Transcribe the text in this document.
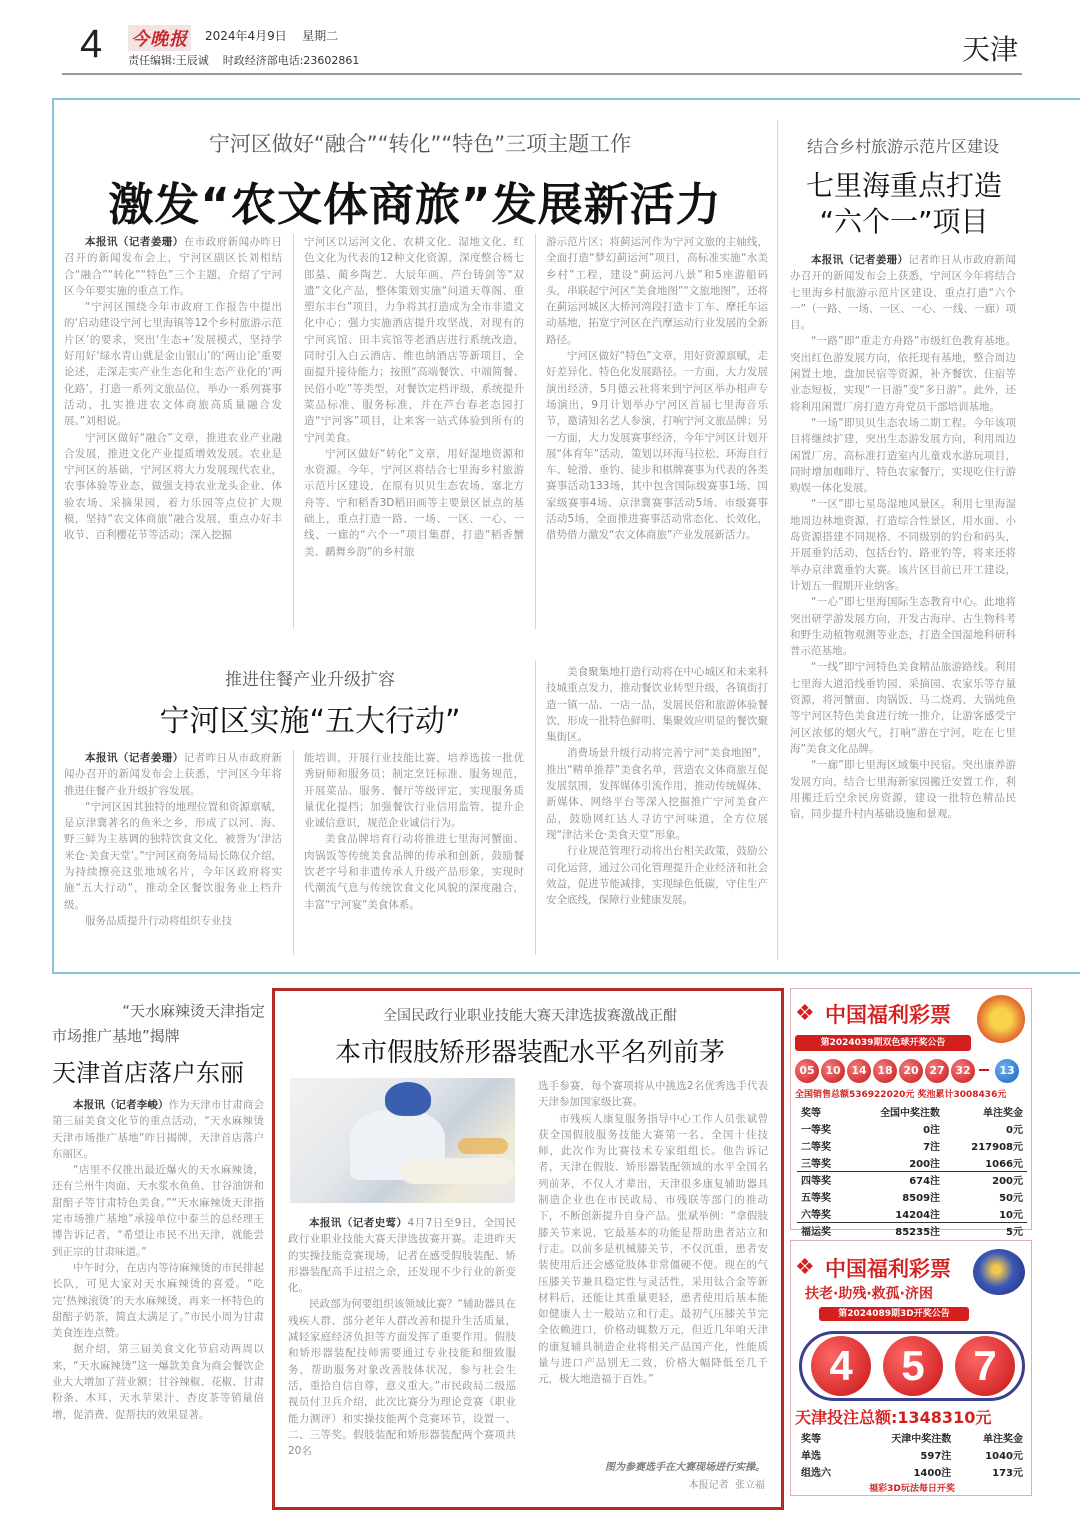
4 今晚报 2024年4月9日 星期二
责任编辑:王辰诚 时政经济部电话:23602861	天津
宁河区做好“融合”“转化”“特色”三项主题工作
激发“农文体商旅”发展新活力

本报讯（记者姜珊）在市政府新闻办昨日召开的新闻发布会上，宁河区副区长刘相结合“融合”“转化”“特色”三个主题，介绍了宁河区今年要实施的重点工作。

“宁河区围绕今年市政府工作报告中提出的‘启动建设宁河七里海镇等12个乡村旅游示范片区’的要求，突出‘生态+’发展模式，坚持学好用好‘绿水青山就是金山银山’的‘两山论’重要论述，走深走实产业生态化和生态产业化的‘两化路’，打造一系列文旅品位，举办一系列赛事活动，扎实推进农文体商旅高质量融合发展。”刘相说。

宁河区做好“融合”文章，推进农业产业融合发展，推进文化产业提质增效发展。农业是宁河区的基础，宁河区将大力发展现代农业，农事体验等业态，做强支持农业龙头企业、体验农场、采摘果园，着力乐园等点位扩大规模，坚持“农文体商旅”融合发展，重点办好丰收节、百利樱花节等活动；深入挖掘

宁河区以运河文化、农耕文化、湿地文化、红色文化为代表的12种文化资源，深度整合杨七郎墓、蔺乡陶艺、大辰年画、芦台铸剑等“双遗”文化产品，整体策划实施“问道天尊阁、重塑东丰台”项目，力争将其打造成为全市非遗文化中心；强力实施酒店提升攻坚战，对现有的宁河宾馆、田丰宾馆等老酒店进行系统改造，同时引入白云酒店、维也纳酒店等新项目，全面提升接待能力；按照“高端餐饮、中端简餐、民俗小吃”等类型，对餐饮定档评级，系统提升菜品标准、服务标准，并在芦台春老态园打造“宁河客”项目，让来客一站式体验到所有的宁河美食。

宁河区做好“转化”文章，用好湿地资源和水资源。今年，宁河区将结合七里海乡村旅游示范片区建设，在原有贝贝生态农场、塞北方舟等、宁和稻香3D稻田画等主要景区景点的基础上，重点打造一路、一场、一区、一心、一线、一廊的“六个一”项目集群，打造“稻香蟹美、鹬舞乡韵”的乡村旅

游示范片区；将蓟运河作为宁河文旅的主轴线，全面打造“梦幻蓟运河”项目，高标准实施“水美乡村”工程，建设“蓟运河八景”和5座游船码头，串联起宁河区“美食地图”“文旅地图”，还将在蓟运河城区大桥河湾段打造卡丁车、摩托车运动基地，拓宽宁河区在汽摩运动行业发展的全新路径。

宁河区做好“特色”文章，用好资源禀赋，走好差异化、特色化发展路径。一方面，大力发展演出经济，5月德云社将来到宁河区举办相声专场演出，9月计划举办宁河区首届七里海音乐节，邀请知名艺人参演，打响宁河文旅品牌；另一方面，大力发展赛事经济，今年宁河区计划开展“体育年”活动，策划以环海马拉松、环海自行车、轮滑、垂钓、徒步和棋牌赛事为代表的各类赛事活动133场，其中包含国际级赛事1场、国家级赛事4场、京津冀赛事活动5场、市级赛事活动5场，全面推进赛事活动常态化、长效化，借势借力激发“农文体商旅”产业发展新活力。

结合乡村旅游示范片区建设
七里海重点打造
“六个一”项目

本报讯（记者姜珊）记者昨日从市政府新闻办召开的新闻发布会上获悉，宁河区今年将结合七里海乡村旅游示范片区建设，重点打造“六个一”（一路、一场、一区、一心、一线、一廊）项目。

“一路”即“重走方舟路”市级红色教育基地。突出红色游发展方向，依托现有基地，整合周边闲置土地，盘加民宿等资源，补齐餐饮、住宿等业态短板，实现“一日游”变“多日游”。此外，还将利用闲置厂房打造方舟党员干部培训基地。

“一场”即贝贝生态农场二期工程。今年该项目将继续扩建，突出生态游发展方向，利用周边闲置厂房，高标准打造室内儿童戏水游玩项目，同时增加咖啡厅、特色农家餐厅，实现吃住行游购娱一体化发展。

“一区”即七星岛湿地风景区。利用七里海湿地周边林地资源，打造综合性景区，用水面、小岛资源搭建不同规格、不同级别的钓台和码头，开展垂钓活动，包括台钓、路亚钓等，将来还将举办京津冀垂钓大赛。该片区目前已开工建设，计划五一假期开业纳客。

“一心”即七里海国际生态教育中心。此地将突出研学游发展方向，开发古海岸、古生物科考和野生动植物观测等业态，打造全国湿地科研科普示范基地。

“一线”即宁河特色美食精品旅游路线。利用七里海大道沿线垂钓园、采摘园、农家乐等存量资源，将河蟹面、肉锅饭、马二烧鸡、大锅炖鱼等宁河区特色美食进行统一推介，让游客感受宁河区浓郁的烟火气，打响“游在宁河，吃在七里海”美食文化品牌。

“一廊”即七里海区域集中民宿。突出康养游发展方向，结合七里海新家园搬迁安置工作，利用搬迁后空余民房资源，建设一批特色精品民宿，同步提升村内基础设施和景观。

推进住餐产业升级扩容
宁河区实施“五大行动”

本报讯（记者姜珊）记者昨日从市政府新闻办召开的新闻发布会上获悉，宁河区今年将推进住餐产业升级扩容发展。

“宁河区因其独特的地理位置和资源禀赋，是京津冀著名的鱼米之乡，形成了以河、海、野三鲜为主基调的独特饮食文化，被誉为‘津沽米仓·美食天堂’。”宁河区商务局局长陈仅介绍，为持续擦亮这张地域名片，今年区政府将实施“五大行动”，推动全区餐饮服务业上档升级。

服务品质提升行动将组织专业技

能培训，开展行业技能比赛，培养选拔一批优秀厨师和服务员；制定烹饪标准、服务规范，开展菜品、服务、餐厅等级评定，实现服务质量优化提档；加强餐饮行业信用监管，提升企业诚信意识，规范企业诚信行为。

美食品牌培育行动将推进七里海河蟹面、肉锅饭等传统美食品牌的传承和创新，鼓励餐饮老字号和非遗传承人升级产品形象，实现时代潮流气息与传统饮食文化风貌的深度融合，丰富“宁河宴”美食体系。

美食聚集地打造行动将在中心城区和未来科技城重点发力，推动餐饮业转型升级，各镇街打造一镇一品、一店一品，发展民俗和旅游体验餐饮，形成一批特色鲜明、集聚效应明显的餐饮聚集街区。

消费场景升级行动将完善宁河“美食地图”，推出“精单推荐”美食名单，营造农文体商旅互促发展氛围，发挥媒体引流作用，推动传统媒体、新媒体、网络平台等深入挖掘推广宁河美食产品，鼓励网红达人寻访宁河味道，全方位展现“津沽米仓·美食天堂”形象。

行业规范管理行动将出台相关政策，鼓励公司化运营，通过公司化管理提升企业经济和社会效益，促进节能减排，实现绿色低碳，守住生产安全底线，保障行业健康发展。

“天水麻辣烫天津指定
市场推广基地”揭牌
天津首店落户东丽

本报讯（记者李峻）作为天津市甘肃商会第三届美食文化节的重点活动，“天水麻辣烫天津市场推广基地”昨日揭牌，天津首店落户东丽区。

“店里不仅推出最近爆火的天水麻辣烫，还有兰州牛肉面、天水浆水鱼鱼、甘谷油饼和甜醅子等甘肃特色美食。”“天水麻辣烫天津指定市场推广基地”承接单位中泰兰的总经理王博告诉记者，“希望让市民不出天津，就能尝到正宗的甘肃味道。”

中午时分，在店内等待麻辣烫的市民排起长队，可见大家对天水麻辣烫的喜爱。“吃完‘热辣滚烫’的天水麻辣烫，再来一杯特色的甜醅子奶茶，简直太满足了。”市民小周为甘肃美食连连点赞。

据介绍，第三届美食文化节启动两周以来，“天水麻辣烫”这一爆款美食为商会餐饮企业大大增加了营业额；甘谷辣椒、花椒、甘肃粉条、木耳、天水苹果汁、杏皮茶等销量倍增，促消费、促帮扶的效果显著。

全国民政行业职业技能大赛天津选拔赛激战正酣
本市假肢矫形器装配水平名列前茅

本报讯（记者史莺）4月7日至9日，全国民政行业职业技能大赛天津选拔赛开赛。走进昨天的实操技能竞赛现场，记者在感受假肢装配、矫形器装配高手过招之余，还发现不少行业的新变化。

民政部为何要组织该领域比赛？“辅助器具在残疾人群、部分老年人群改善和提升生活质量，减轻家庭经济负担等方面发挥了重要作用。假肢和矫形器装配技师需要通过专业技能和细致服务，帮助服务对象改善肢体状况，参与社会生活，重拾自信自尊，意义重大。”市民政局二级巡视员付卫兵介绍，此次比赛分为理论竞赛（职业能力测评）和实操技能两个竞赛环节，设置一、二、三等奖。假肢装配和矫形器装配两个赛项共20名

选手参赛，每个赛项将从中挑选2名优秀选手代表天津参加国家级比赛。

市残疾人康复服务指导中心工作人员张斌曾获全国假肢服务技能大赛第一名、全国十佳技师，此次作为比赛技术专家组组长。他告诉记者，天津在假肢、矫形器装配领域的水平全国名列前茅，不仅人才辈出，天津很多康复辅助器具制造企业也在市民政局、市残联等部门的推动下，不断创新提升自身产品。张斌举例：“拿假肢膝关节来说，它最基本的功能是帮助患者站立和行走。以前多是机械膝关节，不仅沉重，患者安装使用后还会感觉肢体非常僵硬不便。现在的气压膝关节兼具稳定性与灵活性，采用钛合金等新材料后，还能让其重量更轻，患者使用后基本能如健康人士一般站立和行走。最初气压膝关节完全依赖进口，价格动辄数万元，但近几年咱天津的康复辅具制造企业将相关产品国产化，性能质量与进口产品别无二致，价格大幅降低至几千元，极大地造福于百姓。”

图为参赛选手在大赛现场进行实操。
本报记者  张立福
❖ 中国福利彩票
第2024039期双色球开奖公告
05 10 14 18 20 27 32	13
全国销售总额536922020元 奖池累计3008436元
奖等	全国中奖注数	单注奖金
一等奖	0注	0元
二等奖	7注	217908元
三等奖	200注	1066元
四等奖	674注	200元
五等奖	8509注	50元
六等奖	14204注	10元
福运奖	85235注	5元
❖ 中国福利彩票
扶老·助残·救孤·济困
第2024089期3D开奖公告
4	5	7
天津投注总额:1348310元
奖等	天津中奖注数	单注奖金
单选	597注	1040元
组选六	1400注	173元
福彩3D玩法每日开奖
